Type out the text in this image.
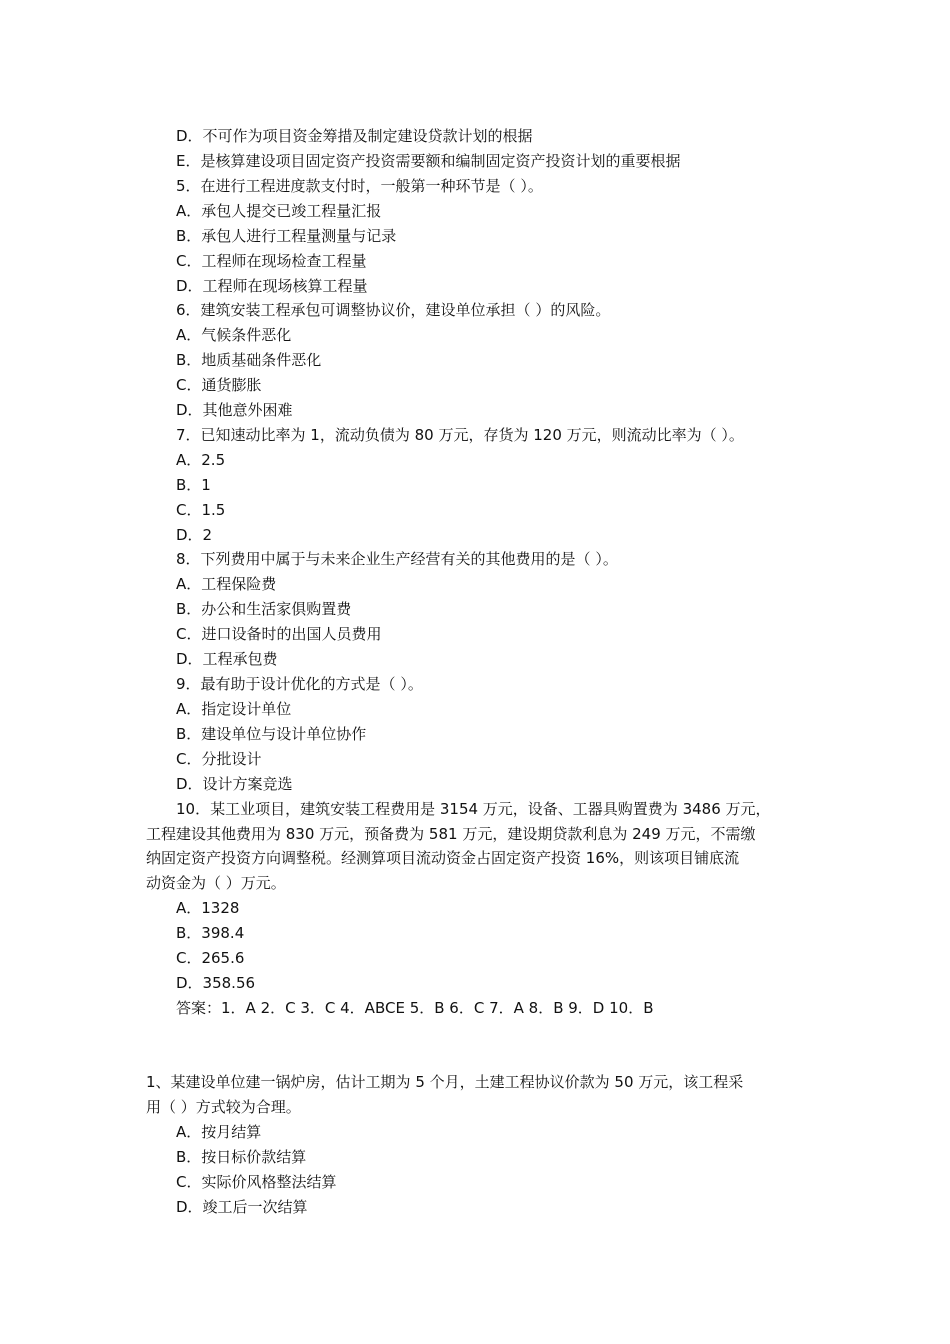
D．不可作为项目资金筹措及制定建设贷款计划的根据
E．是核算建设项目固定资产投资需要额和编制固定资产投资计划的重要根据
5．在进行工程进度款支付时，一般第一种环节是（ ）。
A．承包人提交已竣工程量汇报
B．承包人进行工程量测量与记录
C．工程师在现场检查工程量
D．工程师在现场核算工程量
6．建筑安装工程承包可调整协议价，建设单位承担（ ）的风险。
A．气候条件恶化
B．地质基础条件恶化
C．通货膨胀
D．其他意外困难
7．已知速动比率为 1，流动负债为 80 万元，存货为 120 万元，则流动比率为（ ）。
A．2.5
B．1
C．1.5
D．2
8．下列费用中属于与未来企业生产经营有关的其他费用的是（ ）。
A．工程保险费
B．办公和生活家俱购置费
C．进口设备时的出国人员费用
D．工程承包费
9．最有助于设计优化的方式是（ ）。
A．指定设计单位
B．建设单位与设计单位协作
C．分批设计
D．设计方案竞选
10．某工业项目，建筑安装工程费用是 3154 万元，设备、工器具购置费为 3486 万元，
工程建设其他费用为 830 万元，预备费为 581 万元，建设期贷款利息为 249 万元，不需缴
纳固定资产投资方向调整税。经测算项目流动资金占固定资产投资 16%，则该项目铺底流
动资金为（ ）万元。
A．1328
B．398.4
C．265.6
D．358.56
答案：1．A 2．C 3．C 4．ABCE 5．B 6．C 7．A 8．B 9．D 10．B
1、某建设单位建一锅炉房，估计工期为 5 个月，土建工程协议价款为 50 万元，该工程采
用（ ）方式较为合理。
A．按月结算
B．按日标价款结算
C．实际价风格整法结算
D．竣工后一次结算
